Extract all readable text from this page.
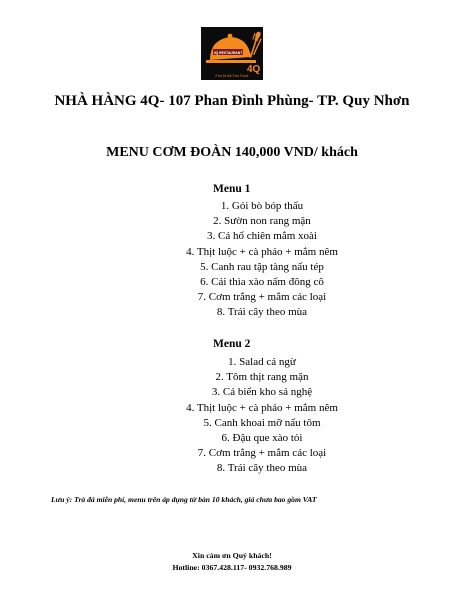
4Q
4Q RESTAURANT
Fun Drink Fun Food
NHÀ HÀNG 4Q- 107 Phan Đình Phùng- TP. Quy Nhơn
MENU CƠM ĐOÀN 140,000 VND/ khách
Menu 1
1. Gỏi bò bóp thấu
2. Sườn non rang mặn
3. Cá hố chiên mắm xoài
4. Thịt luộc + cà pháo + mắm nêm
5. Canh rau tập tàng nấu tép
6. Cải thìa xào nấm đông cô
7. Cơm trắng + mắm các loại
8. Trái cây theo mùa
Menu 2
1. Salad cá ngừ
2. Tôm thịt rang mặn
3. Cá biển kho sả nghệ
4. Thịt luộc + cà pháo + mắm nêm
5. Canh khoai mỡ nấu tôm
6. Đậu que xào tỏi
7. Cơm trắng + mắm các loại
8. Trái cây theo mùa
Lưu ý: Trà đá miễn phí, menu trên áp dụng từ bàn 10 khách, giá chưa bao gồm VAT
Xin cảm ơn Quý khách!
Hotline: 0367.428.117- 0932.768.989
